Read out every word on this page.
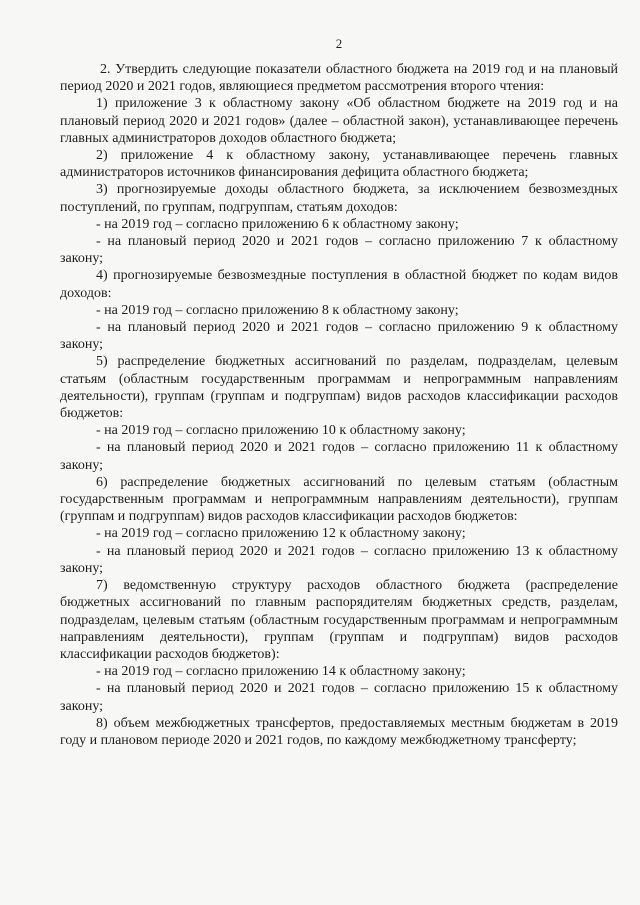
2

2. Утвердить следующие показатели областного бюджета на 2019 год и на плановый период 2020 и 2021 годов, являющиеся предметом рассмотрения второго чтения:

1) приложение 3 к областному закону «Об областном бюджете на 2019 год и на плановый период 2020 и 2021 годов» (далее – областной закон), устанавливающее перечень главных администраторов доходов областного бюджета;

2) приложение 4 к областному закону, устанавливающее перечень главных администраторов источников финансирования дефицита областного бюджета;

3) прогнозируемые доходы областного бюджета, за исключением безвозмездных поступлений, по группам, подгруппам, статьям доходов:

- на 2019 год – согласно приложению 6 к областному закону;

- на плановый период 2020 и 2021 годов – согласно приложению 7 к областному закону;

4) прогнозируемые безвозмездные поступления в областной бюджет по кодам видов доходов:

- на 2019 год – согласно приложению 8 к областному закону;

- на плановый период 2020 и 2021 годов – согласно приложению 9 к областному закону;

5) распределение бюджетных ассигнований по разделам, подразделам, целевым статьям (областным государственным программам и непрограммным направлениям деятельности), группам (группам и подгруппам) видов расходов классификации расходов бюджетов:

- на 2019 год – согласно приложению 10 к областному закону;

- на плановый период 2020 и 2021 годов – согласно приложению 11 к областному закону;

6) распределение бюджетных ассигнований по целевым статьям (областным государственным программам и непрограммным направлениям деятельности), группам (группам и подгруппам) видов расходов классификации расходов бюджетов:

- на 2019 год – согласно приложению 12 к областному закону;

- на плановый период 2020 и 2021 годов – согласно приложению 13 к областному закону;

7) ведомственную структуру расходов областного бюджета (распределение бюджетных ассигнований по главным распорядителям бюджетных средств, разделам, подразделам, целевым статьям (областным государственным программам и непрограммным направлениям деятельности), группам (группам и подгруппам) видов расходов классификации расходов бюджетов):

- на 2019 год – согласно приложению 14 к областному закону;

- на плановый период 2020 и 2021 годов – согласно приложению 15 к областному закону;

8) объем межбюджетных трансфертов, предоставляемых местным бюджетам в 2019 году и плановом периоде 2020 и 2021 годов, по каждому межбюджетному трансферту;
